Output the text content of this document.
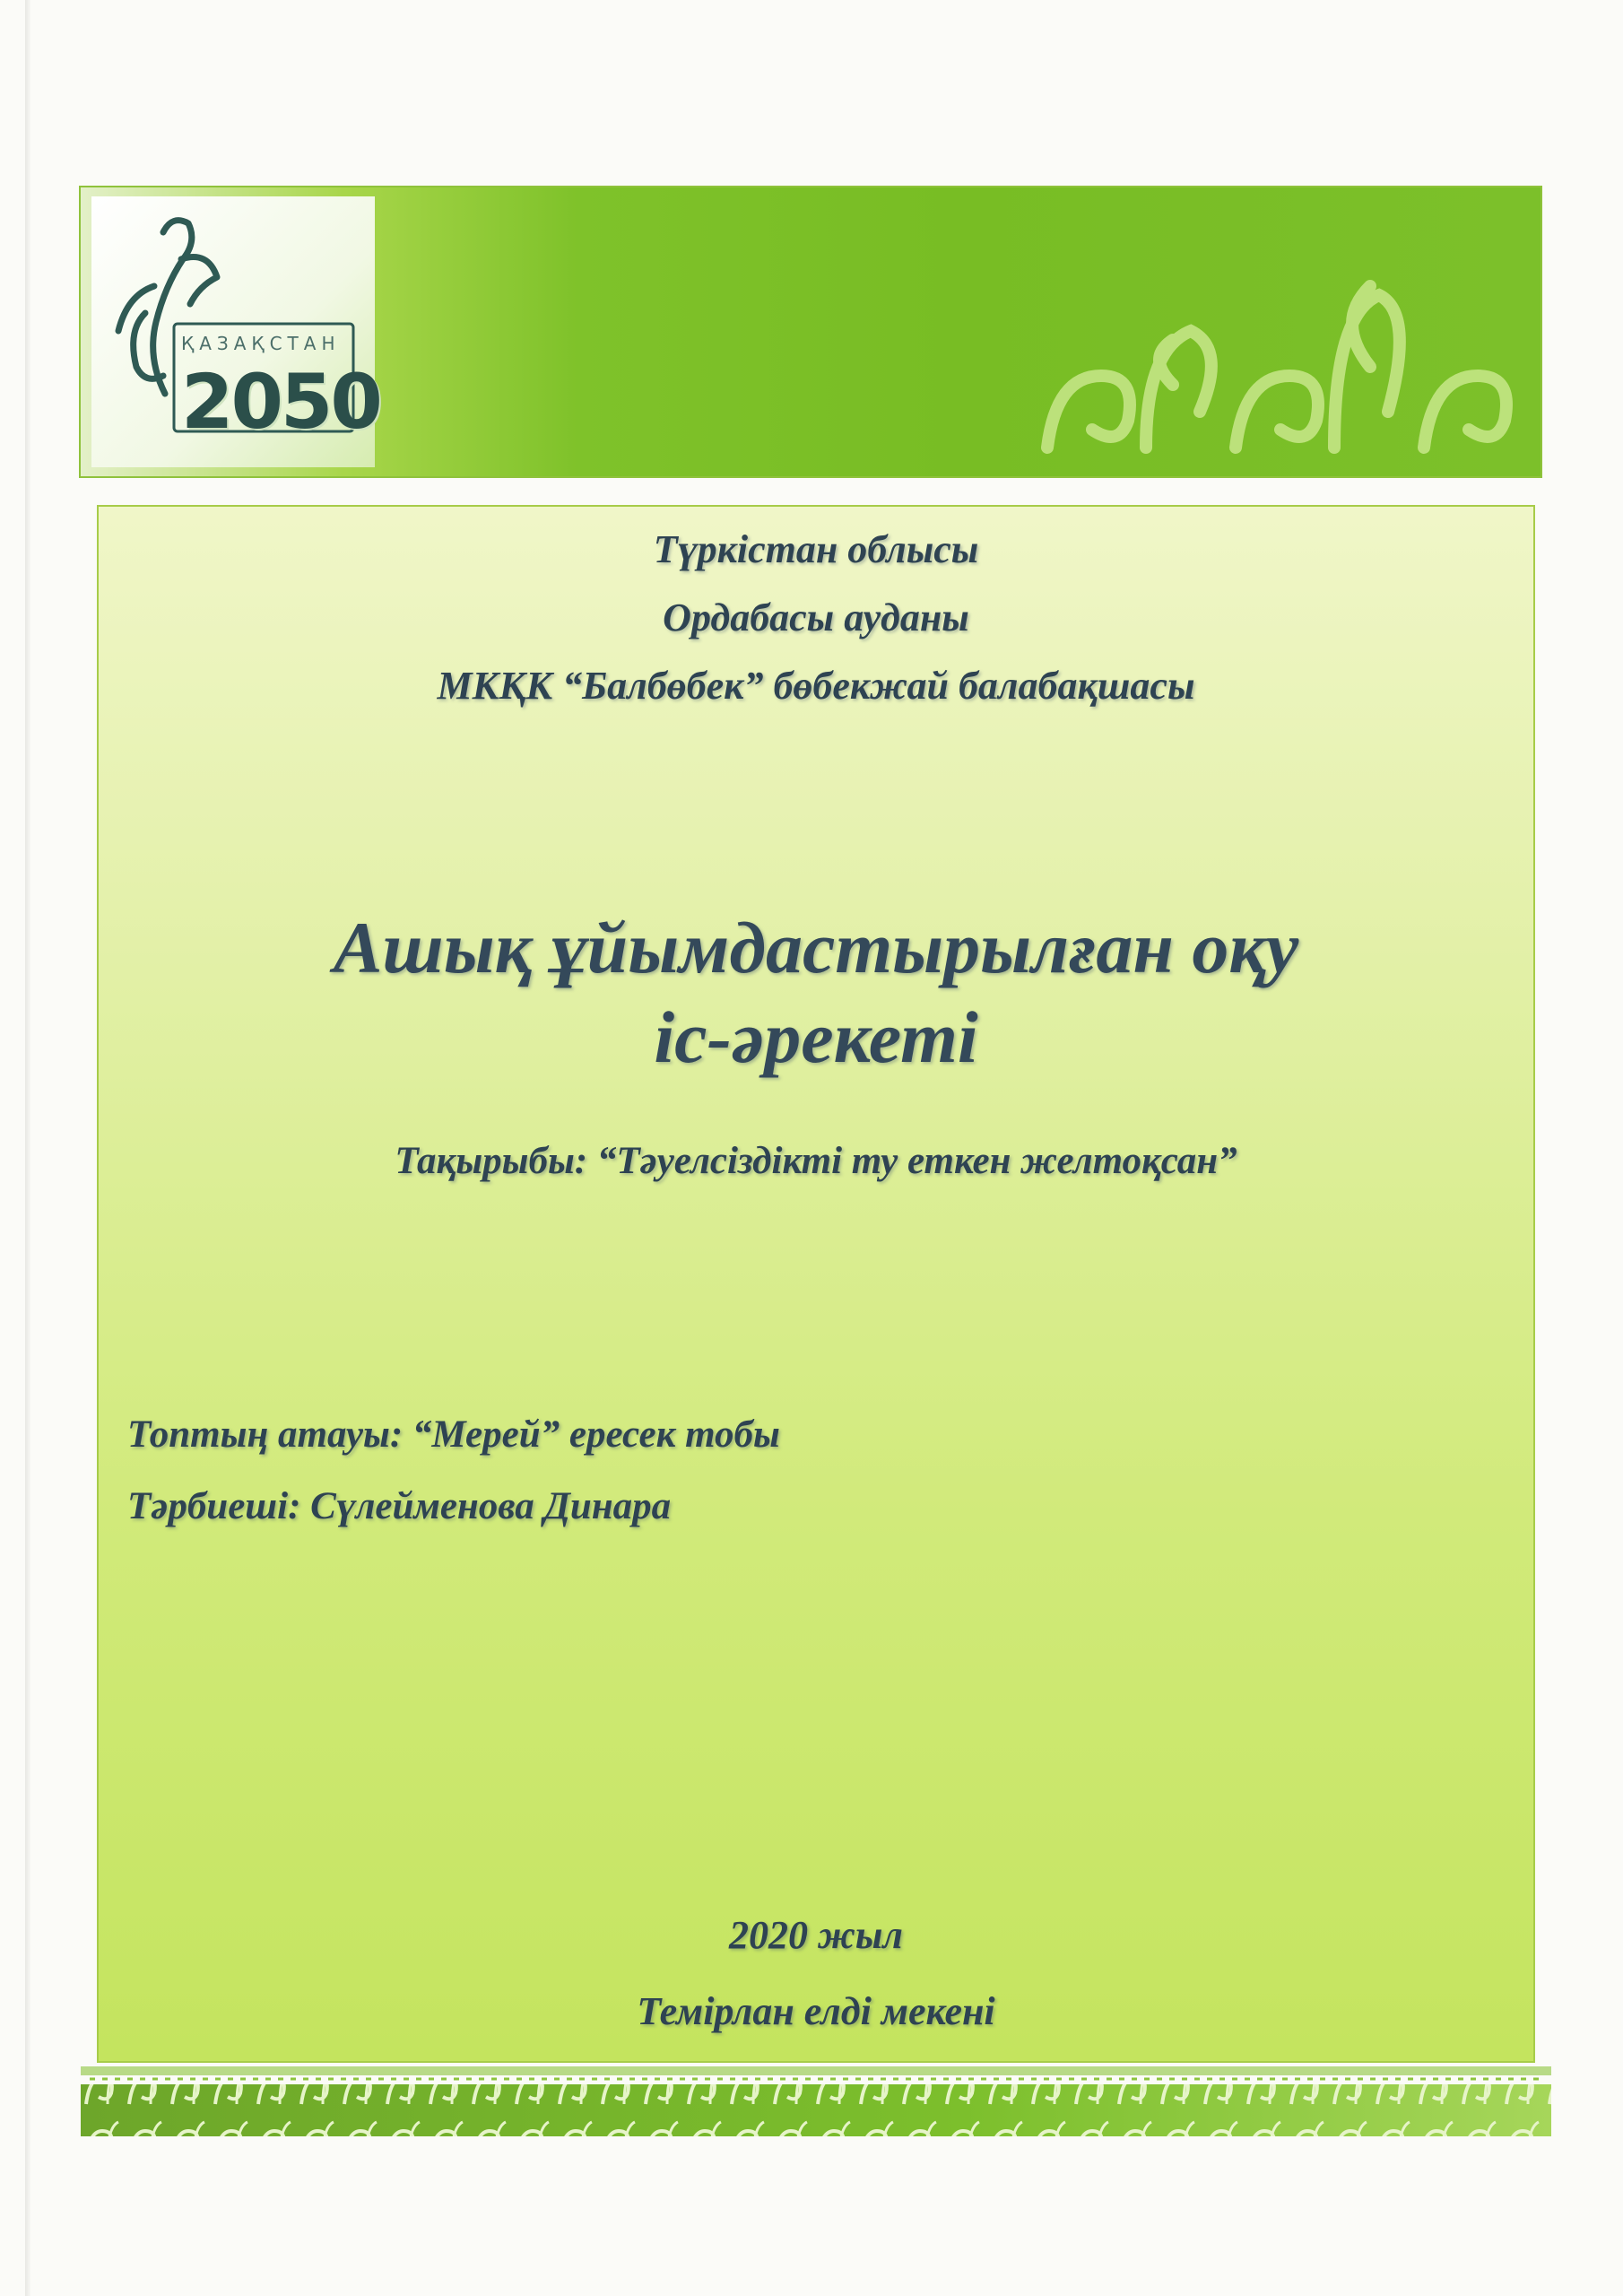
ҚАЗАҚСТАН
2050
Түркістан облысы
Ордабасы ауданы
МКҚК “Балбөбек” бөбекжай балабақшасы
Ашық ұйымдастырылған оқу
іс-әрекеті
Тақырыбы: “Тәуелсіздікті ту еткен желтоқсан”
Топтың атауы: “Мерей” ересек тобы
Тәрбиеші: Сүлейменова Динара
2020 жыл
Темірлан елді мекені
